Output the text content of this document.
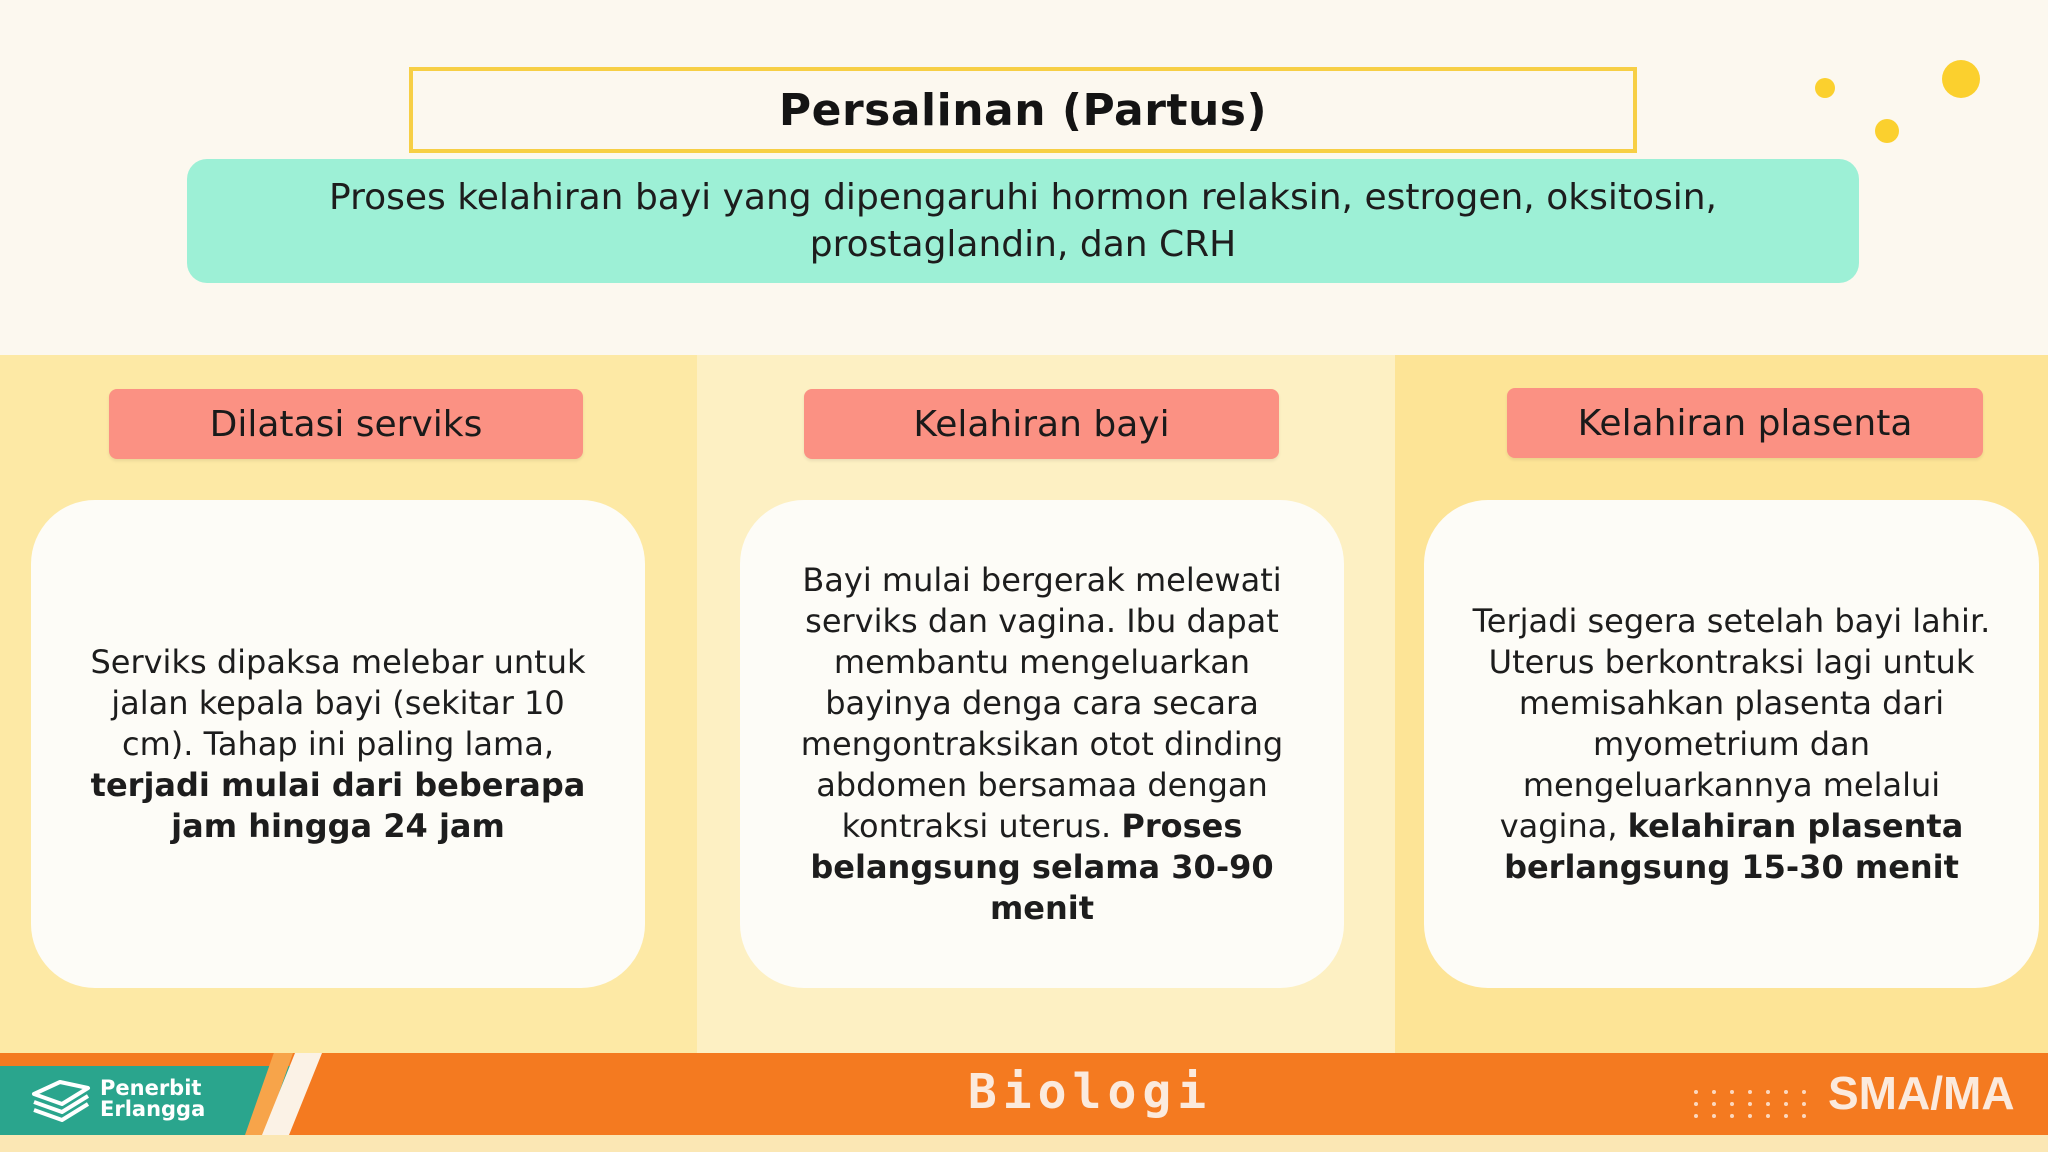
Persalinan (Partus)
Proses kelahiran bayi yang dipengaruhi hormon relaksin, estrogen, oksitosin, prostaglandin, dan CRH
Dilatasi serviks	Kelahiran bayi	Kelahiran plasenta
Serviks dipaksa melebar untuk jalan kepala bayi (sekitar 10 cm). Tahap ini paling lama, terjadi mulai dari beberapa jam hingga 24 jam
Bayi mulai bergerak melewati serviks dan vagina. Ibu dapat membantu mengeluarkan bayinya denga cara secara mengontraksikan otot dinding abdomen bersamaa dengan kontraksi uterus. Proses belangsung selama 30-90 menit
Terjadi segera setelah bayi lahir. Uterus berkontraksi lagi untuk memisahkan plasenta dari myometrium dan mengeluarkannya melalui vagina, kelahiran plasenta berlangsung 15-30 menit
Penerbit
Erlangga	Biologi	SMA/MA
